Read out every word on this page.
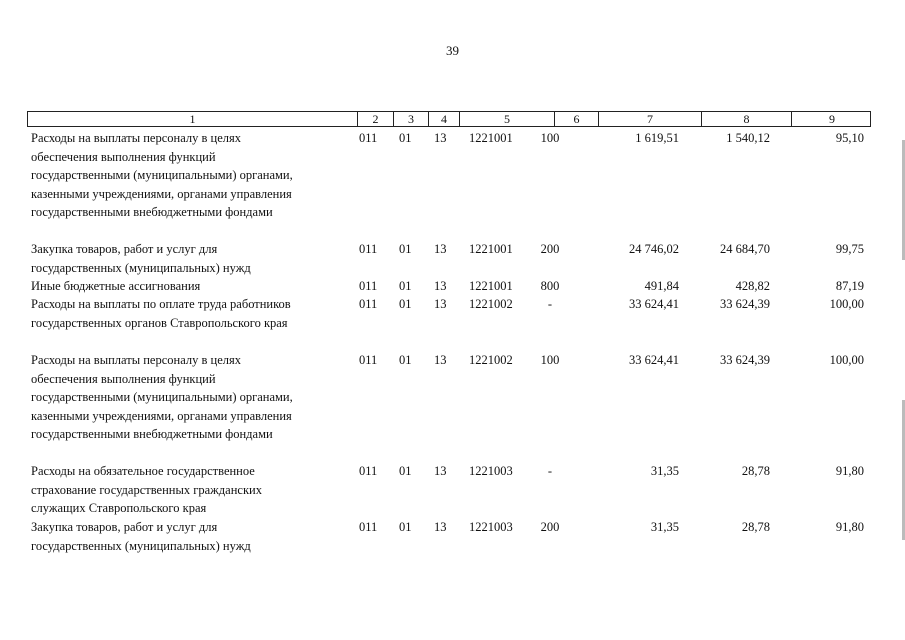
39
1	2	3	4	5	6	7	8	9
Расходы на выплаты персоналу в целях
обеспечения выполнения функций
государственными (муниципальными) органами,
казенными учреждениями, органами управления
государственными внебюджетными фондами
011 01 13 1221001 100	1 619,51	1 540,12	95,10
Закупка товаров, работ и услуг для
государственных (муниципальных) нужд
011 01 13 1221001 200	24 746,02	24 684,70	99,75
Иные бюджетные ассигнования	011 01 13 1221001 800	491,84	428,82	87,19
Расходы на выплаты по оплате труда работников
государственных органов Ставропольского края
011 01 13 1221002	-	33 624,41	33 624,39	100,00
Расходы на выплаты персоналу в целях
обеспечения выполнения функций
государственными (муниципальными) органами,
казенными учреждениями, органами управления
государственными внебюджетными фондами
011 01 13 1221002 100	33 624,41	33 624,39	100,00
Расходы на обязательное государственное
страхование государственных гражданских
служащих Ставропольского края
011 01 13 1221003	-	31,35	28,78	91,80
Закупка товаров, работ и услуг для
государственных (муниципальных) нужд
011 01 13 1221003 200	31,35	28,78	91,80
